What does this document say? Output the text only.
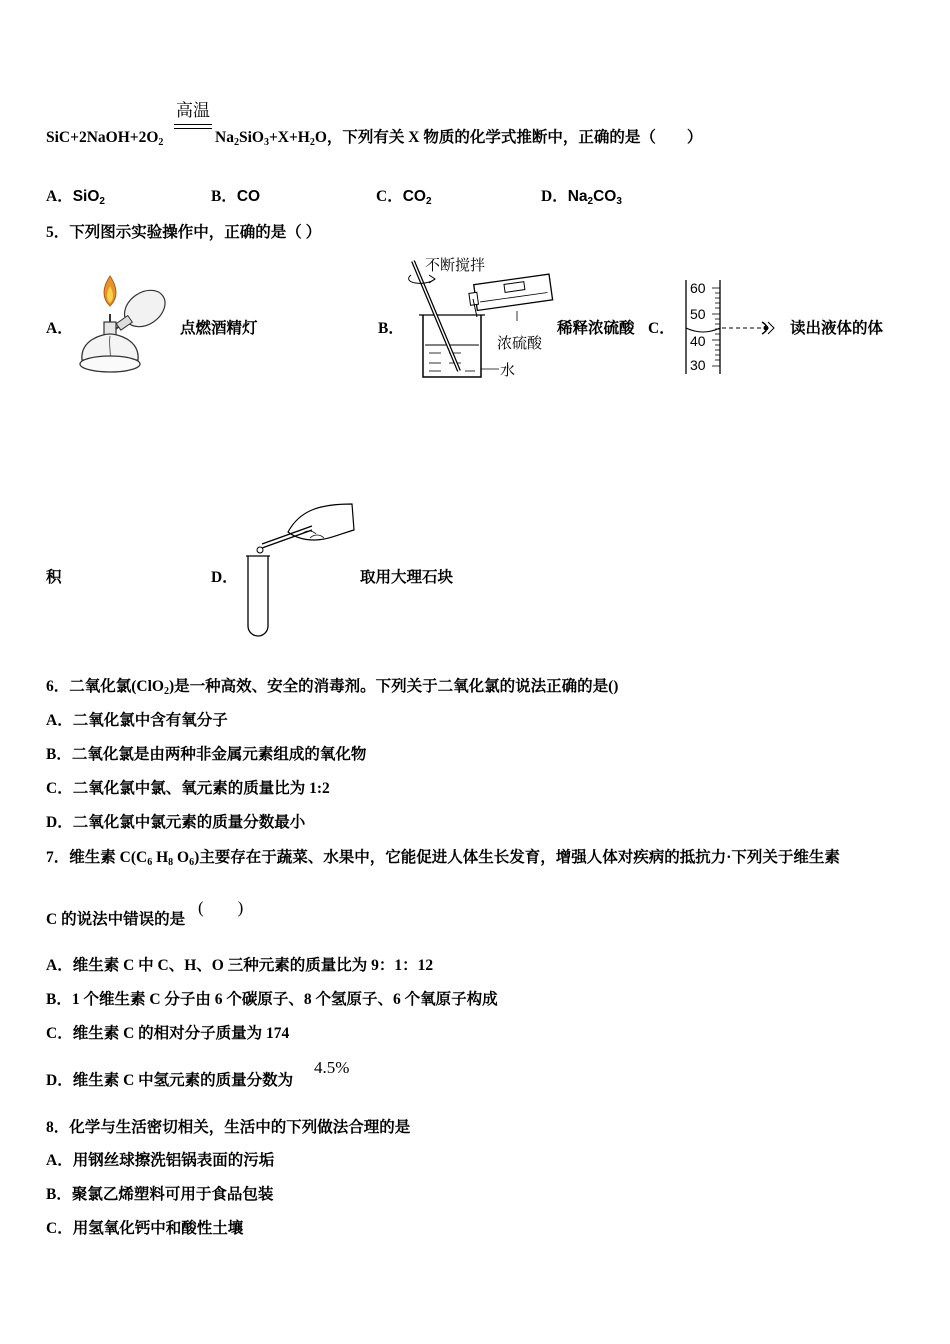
高温
$SiC+2NaOH+2O_2$	$Na_2SiO_3+X+H_2O$，下列有关 X 物质的化学式推断中，正确的是（　　）
A．SiO$_2$	B．CO	C．$CO_2$	D．$Na_2CO_3$
5．下列图示实验操作中，正确的是（ ）
A．	点燃酒精灯	B．
不断搅拌
浓硫酸
水
稀释浓硫酸 C．
60
50
40
30
读出液体的体
积	D．	取用大理石块
6．二氧化氯(ClO$_2$)是一种高效、安全的消毒剂。下列关于二氧化氯的说法正确的是()
A．二氧化氯中含有氧分子
B．二氧化氯是由两种非金属元素组成的氧化物
C．二氧化氯中氯、氧元素的质量比为 1:2
D．二氧化氯中氯元素的质量分数最小
7．维生素 $C(C_6$ $H_8$ $O_6$)主要存在于蔬菜、水果中，它能促进人体生长发育，增强人体对疾病的抵抗力·下列关于维生素
C 的说法中错误的是
(　　)
A．维生素 C 中 C、H、O 三种元素的质量比为 9：1：12
B．1 个维生素 C 分子由 6 个碳原子、8 个氢原子、6 个氧原子构成
C．维生素 C 的相对分子质量为 174
D．维生素 C 中氢元素的质量分数为
4.5%
8．化学与生活密切相关，生活中的下列做法合理的是
A．用钢丝球擦洗铝锅表面的污垢
B．聚氯乙烯塑料可用于食品包装
C．用氢氧化钙中和酸性土壤
